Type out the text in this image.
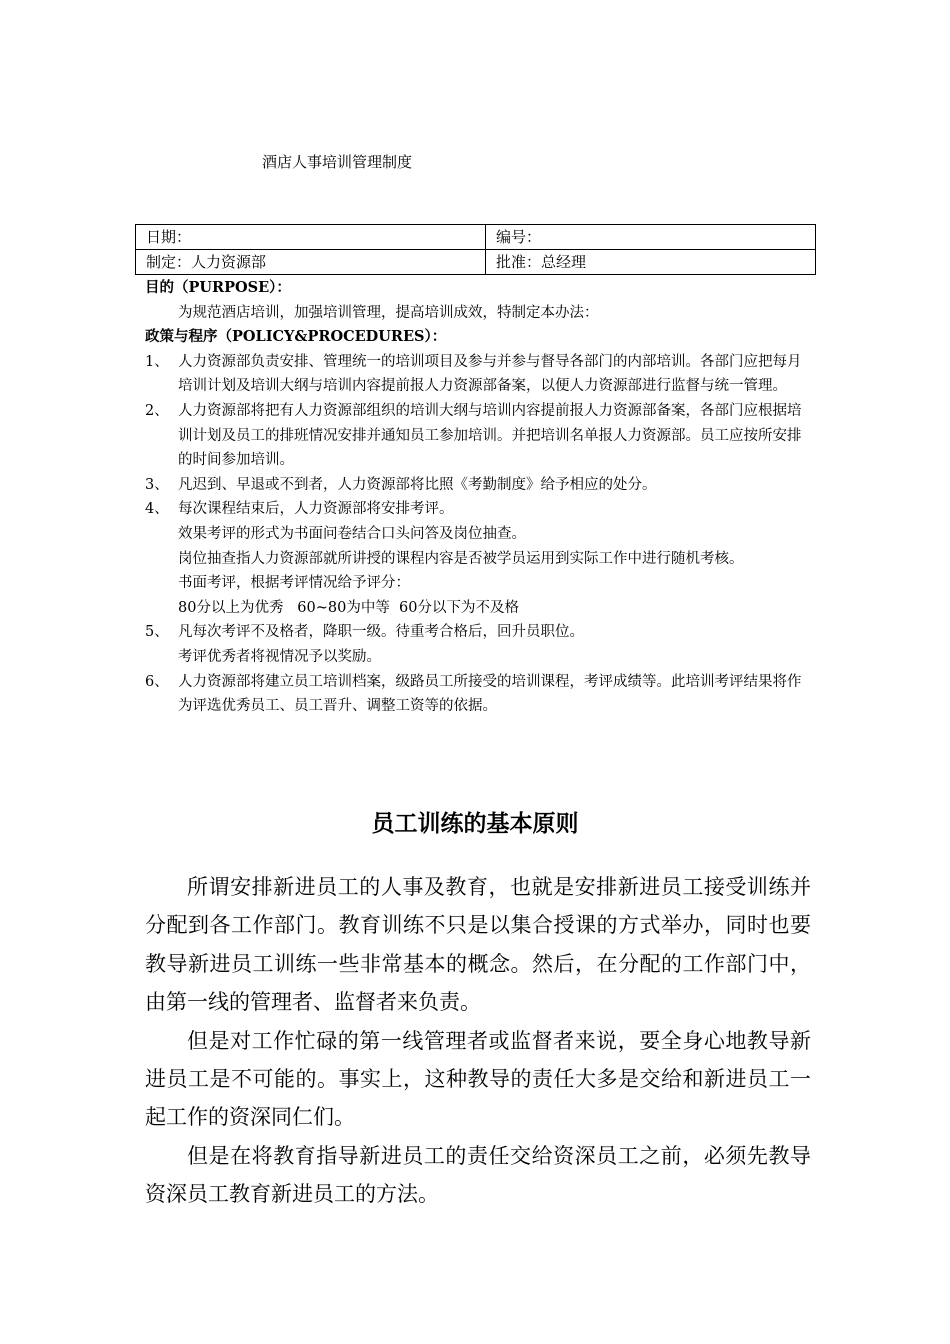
酒店人事培训管理制度
日期：	编号：
制定：人力资源部	批准：总经理
目的（PURPOSE）：
为规范酒店培训，加强培训管理，提高培训成效，特制定本办法：
政策与程序（POLICY&PROCEDURES）：
1、 人力资源部负责安排、管理统一的培训项目及参与并参与督导各部门的内部培训。各部门应把每月培训计划及培训大纲与培训内容提前报人力资源部备案，以便人力资源部进行监督与统一管理。
2、 人力资源部将把有人力资源部组织的培训大纲与培训内容提前报人力资源部备案，各部门应根据培训计划及员工的排班情况安排并通知员工参加培训。并把培训名单报人力资源部。员工应按所安排的时间参加培训。
3、 凡迟到、早退或不到者，人力资源部将比照《考勤制度》给予相应的处分。
4、 每次课程结束后，人力资源部将安排考评。
效果考评的形式为书面问卷结合口头问答及岗位抽查。
岗位抽查指人力资源部就所讲授的课程内容是否被学员运用到实际工作中进行随机考核。
书面考评，根据考评情况给予评分：
80分以上为优秀   60~80为中等  60分以下为不及格
5、 凡每次考评不及格者，降职一级。待重考合格后，回升员职位。
考评优秀者将视情况予以奖励。
6、 人力资源部将建立员工培训档案，级路员工所接受的培训课程，考评成绩等。此培训考评结果将作为评选优秀员工、员工晋升、调整工资等的依据。
员工训练的基本原则

所谓安排新进员工的人事及教育，也就是安排新进员工接受训练并分配到各工作部门。教育训练不只是以集合授课的方式举办，同时也要教导新进员工训练一些非常基本的概念。然后，在分配的工作部门中，由第一线的管理者、监督者来负责。

但是对工作忙碌的第一线管理者或监督者来说，要全身心地教导新进员工是不可能的。事实上，这种教导的责任大多是交给和新进员工一起工作的资深同仁们。

但是在将教育指导新进员工的责任交给资深员工之前，必须先教导资深员工教育新进员工的方法。
